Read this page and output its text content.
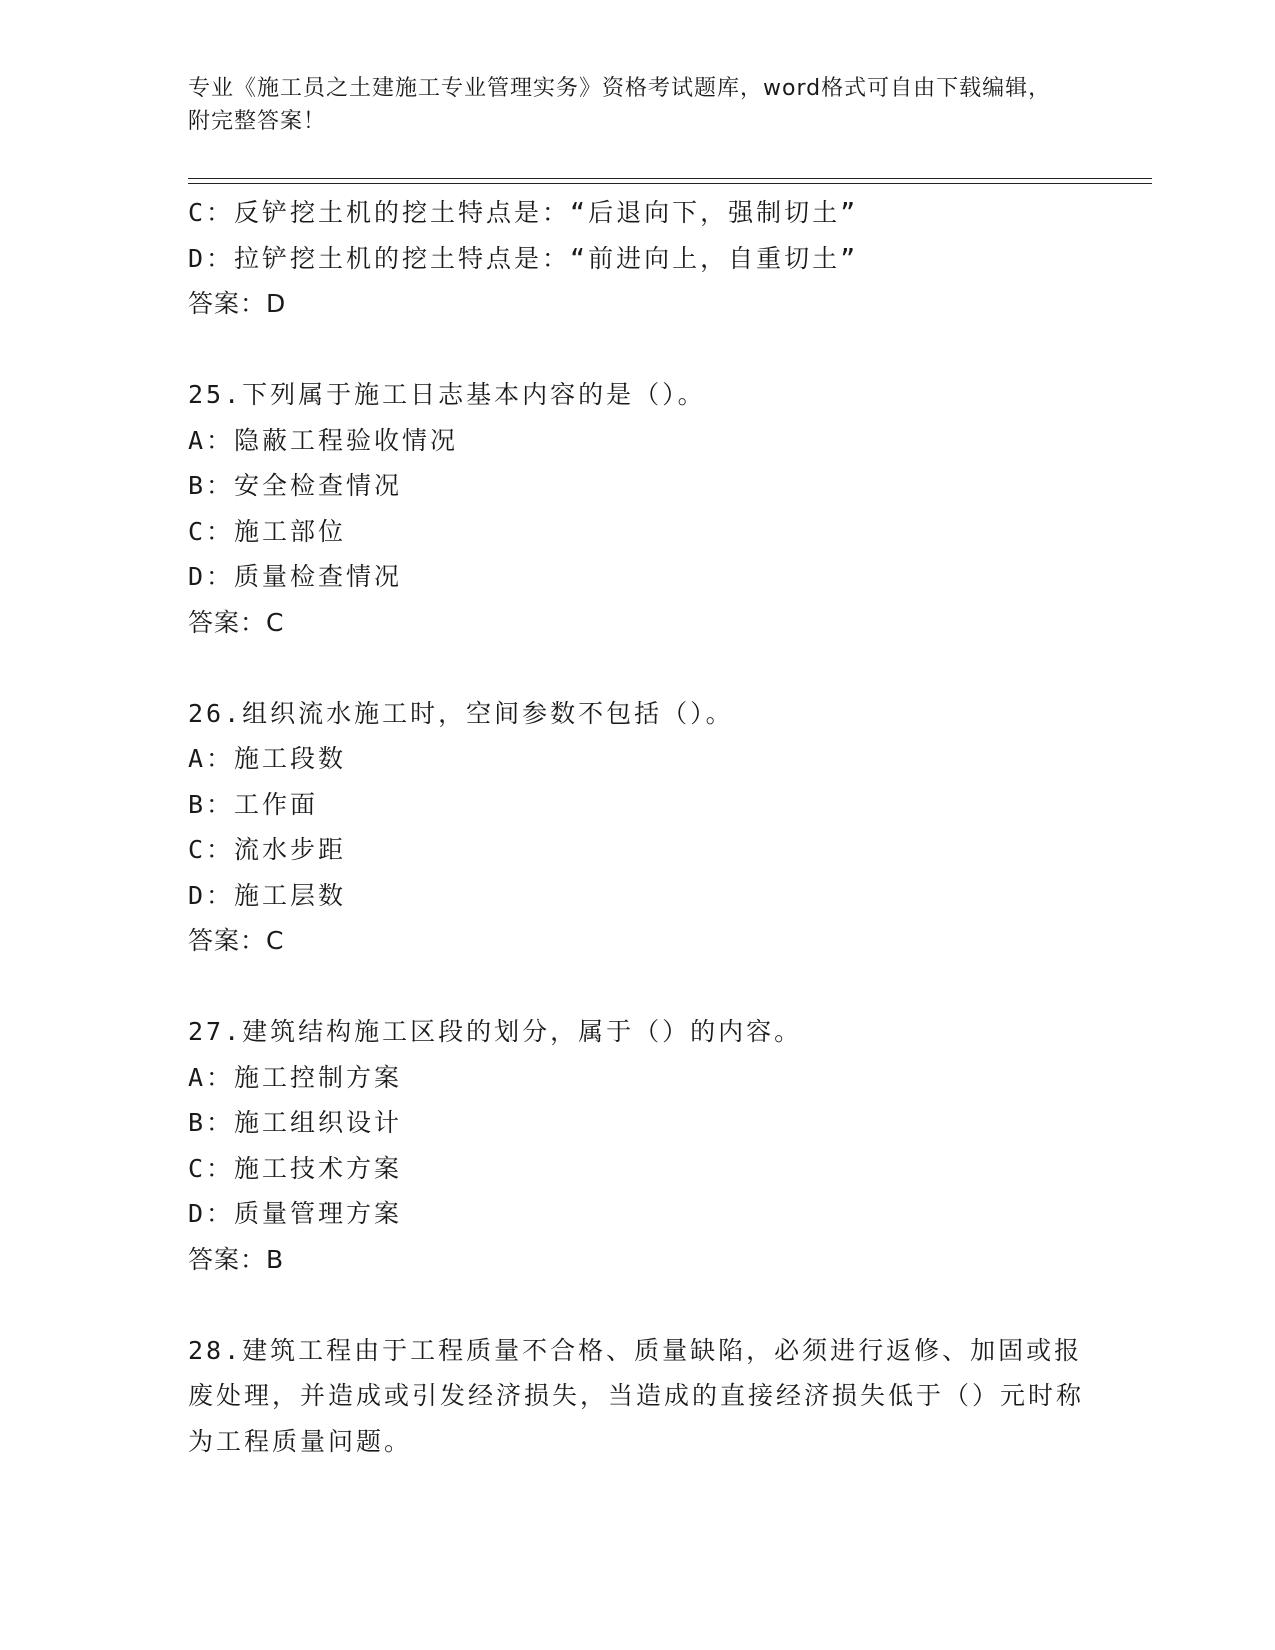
专业《施工员之土建施工专业管理实务》资格考试题库，word格式可自由下载编辑，附完整答案！
C：反铲挖土机的挖土特点是：“后退向下，强制切土”
D：拉铲挖土机的挖土特点是：“前进向上，自重切土”
答案：D
25.下列属于施工日志基本内容的是（）。
A：隐蔽工程验收情况
B：安全检查情况
C：施工部位
D：质量检查情况
答案：C
26.组织流水施工时，空间参数不包括（）。
A：施工段数
B：工作面
C：流水步距
D：施工层数
答案：C
27.建筑结构施工区段的划分，属于（）的内容。
A：施工控制方案
B：施工组织设计
C：施工技术方案
D：质量管理方案
答案：B
28.建筑工程由于工程质量不合格、质量缺陷，必须进行返修、加固或报废处理，并造成或引发经济损失，当造成的直接经济损失低于（）元时称为工程质量问题。
